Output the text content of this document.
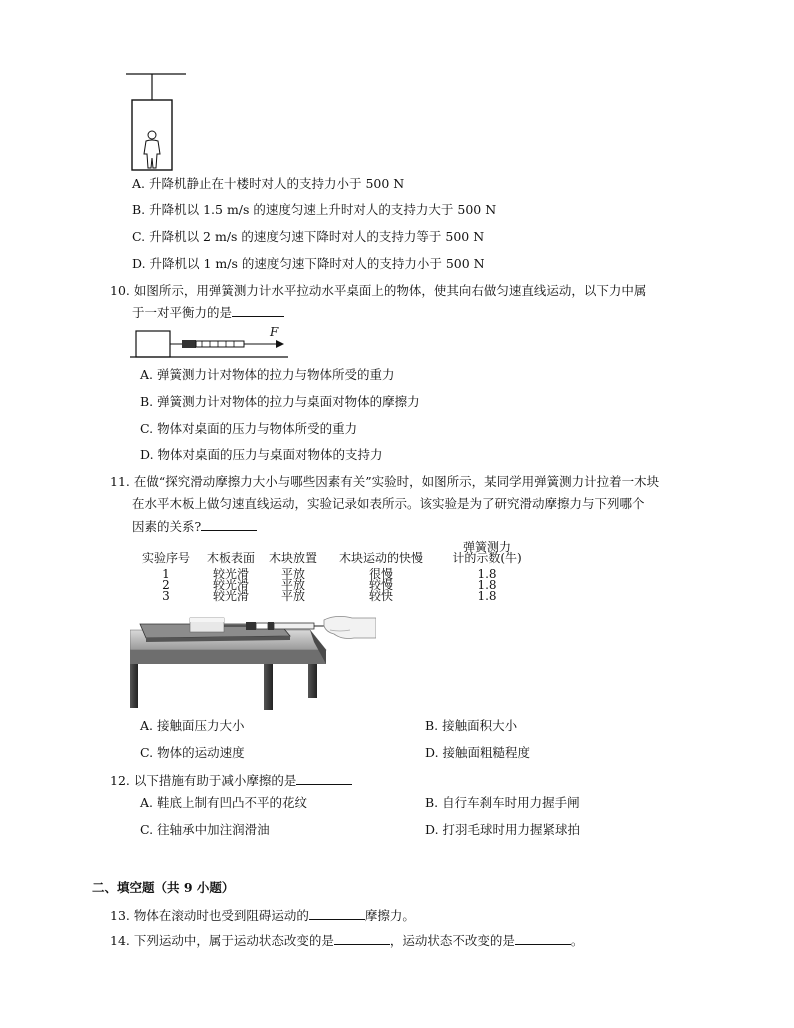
A. 升降机静止在十楼时对人的支持力小于 500 N
B. 升降机以 1.5 m/s 的速度匀速上升时对人的支持力大于 500 N
C. 升降机以 2 m/s 的速度匀速下降时对人的支持力等于 500 N
D. 升降机以 1 m/s 的速度匀速下降时对人的支持力小于 500 N
10. 如图所示，用弹簧测力计水平拉动水平桌面上的物体，使其向右做匀速直线运动，以下力中属
于一对平衡力的是
F
A. 弹簧测力计对物体的拉力与物体所受的重力
B. 弹簧测力计对物体的拉力与桌面对物体的摩擦力
C. 物体对桌面的压力与物体所受的重力
D. 物体对桌面的压力与桌面对物体的支持力
11. 在做“探究滑动摩擦力大小与哪些因素有关”实验时，如图所示，某同学用弹簧测力计拉着一木块
在水平木板上做匀速直线运动，实验记录如表所示。该实验是为了研究滑动摩擦力与下列哪个
因素的关系?
实验序号	木板表面	木块放置	木块运动的快慢	弹簧测力
计的示数(牛)

1	较光滑	平放	很慢	1.8
2	较光滑	平放	较慢	1.8
3	较光滑	平放	较快	1.8
A. 接触面压力大小	B. 接触面积大小
C. 物体的运动速度	D. 接触面粗糙程度
12. 以下措施有助于减小摩擦的是
A. 鞋底上制有凹凸不平的花纹	B. 自行车刹车时用力握手闸
C. 往轴承中加注润滑油	D. 打羽毛球时用力握紧球拍
二、填空题（共 9 小题）
13. 物体在滚动时也受到阻碍运动的	摩擦力。
14. 下列运动中，属于运动状态改变的是	，运动状态不改变的是	。
